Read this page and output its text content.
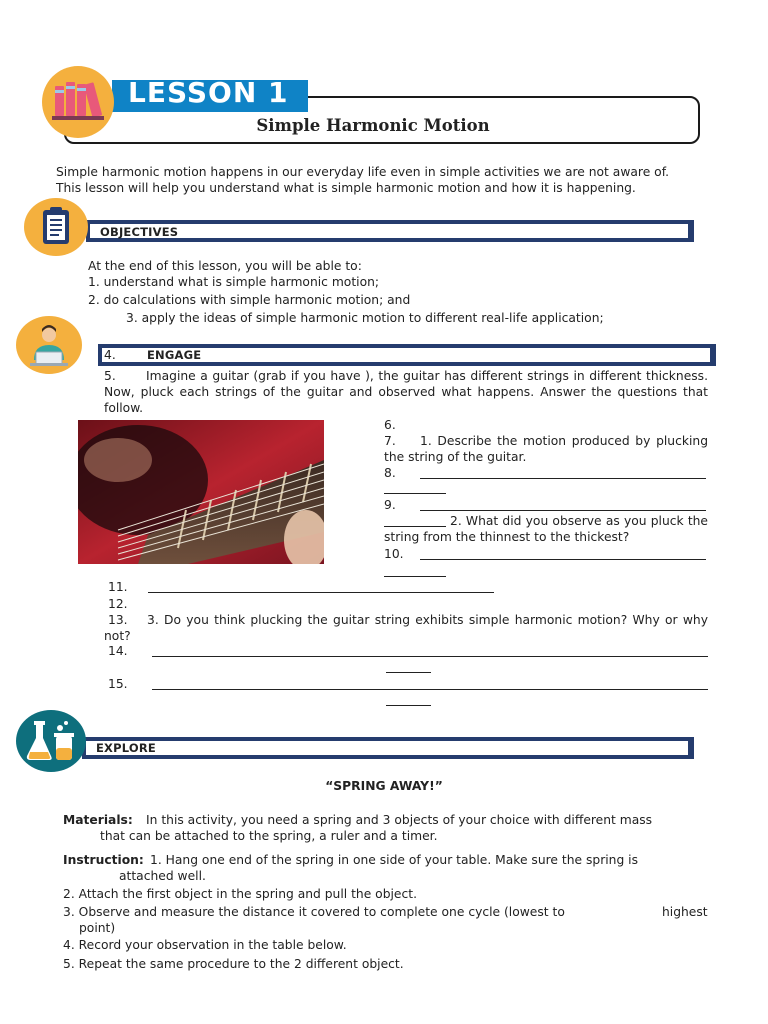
LESSON 1
Simple Harmonic Motion
Simple harmonic motion happens in our everyday life even in simple activities we are not aware of.
This lesson will help you understand what is simple harmonic motion and how it is happening.
OBJECTIVES
At the end of this lesson, you will be able to:
1. understand what is simple harmonic motion;
2. do calculations with simple harmonic motion; and
3. apply the ideas of simple harmonic motion to different real-life application;
4.	ENGAGE
5.	Imagine a guitar (grab if you have ), the guitar has different strings in different thickness. Now, pluck each strings of the guitar and observed what happens. Answer the questions that follow.
6.
7.	1. Describe the motion produced by plucking the string of the guitar.
8.
9.
2. What did you observe as you pluck the string from the thinnest to the thickest?
10.
11.
12.
13.	3. Do you think plucking the guitar string exhibits simple harmonic motion? Why or why not?
14.
15.
EXPLORE
“SPRING AWAY!”
Materials: In this activity, you need a spring and 3 objects of your choice with different mass
that can be attached to the spring, a ruler and a timer.
Instruction: 1. Hang one end of the spring in one side of your table. Make sure the spring is
attached well.
2. Attach the first object in the spring and pull the object.
3. Observe and measure the distance it covered to complete one cycle (lowest to	highest
point)
4. Record your observation in the table below.
5. Repeat the same procedure to the 2 different object.
